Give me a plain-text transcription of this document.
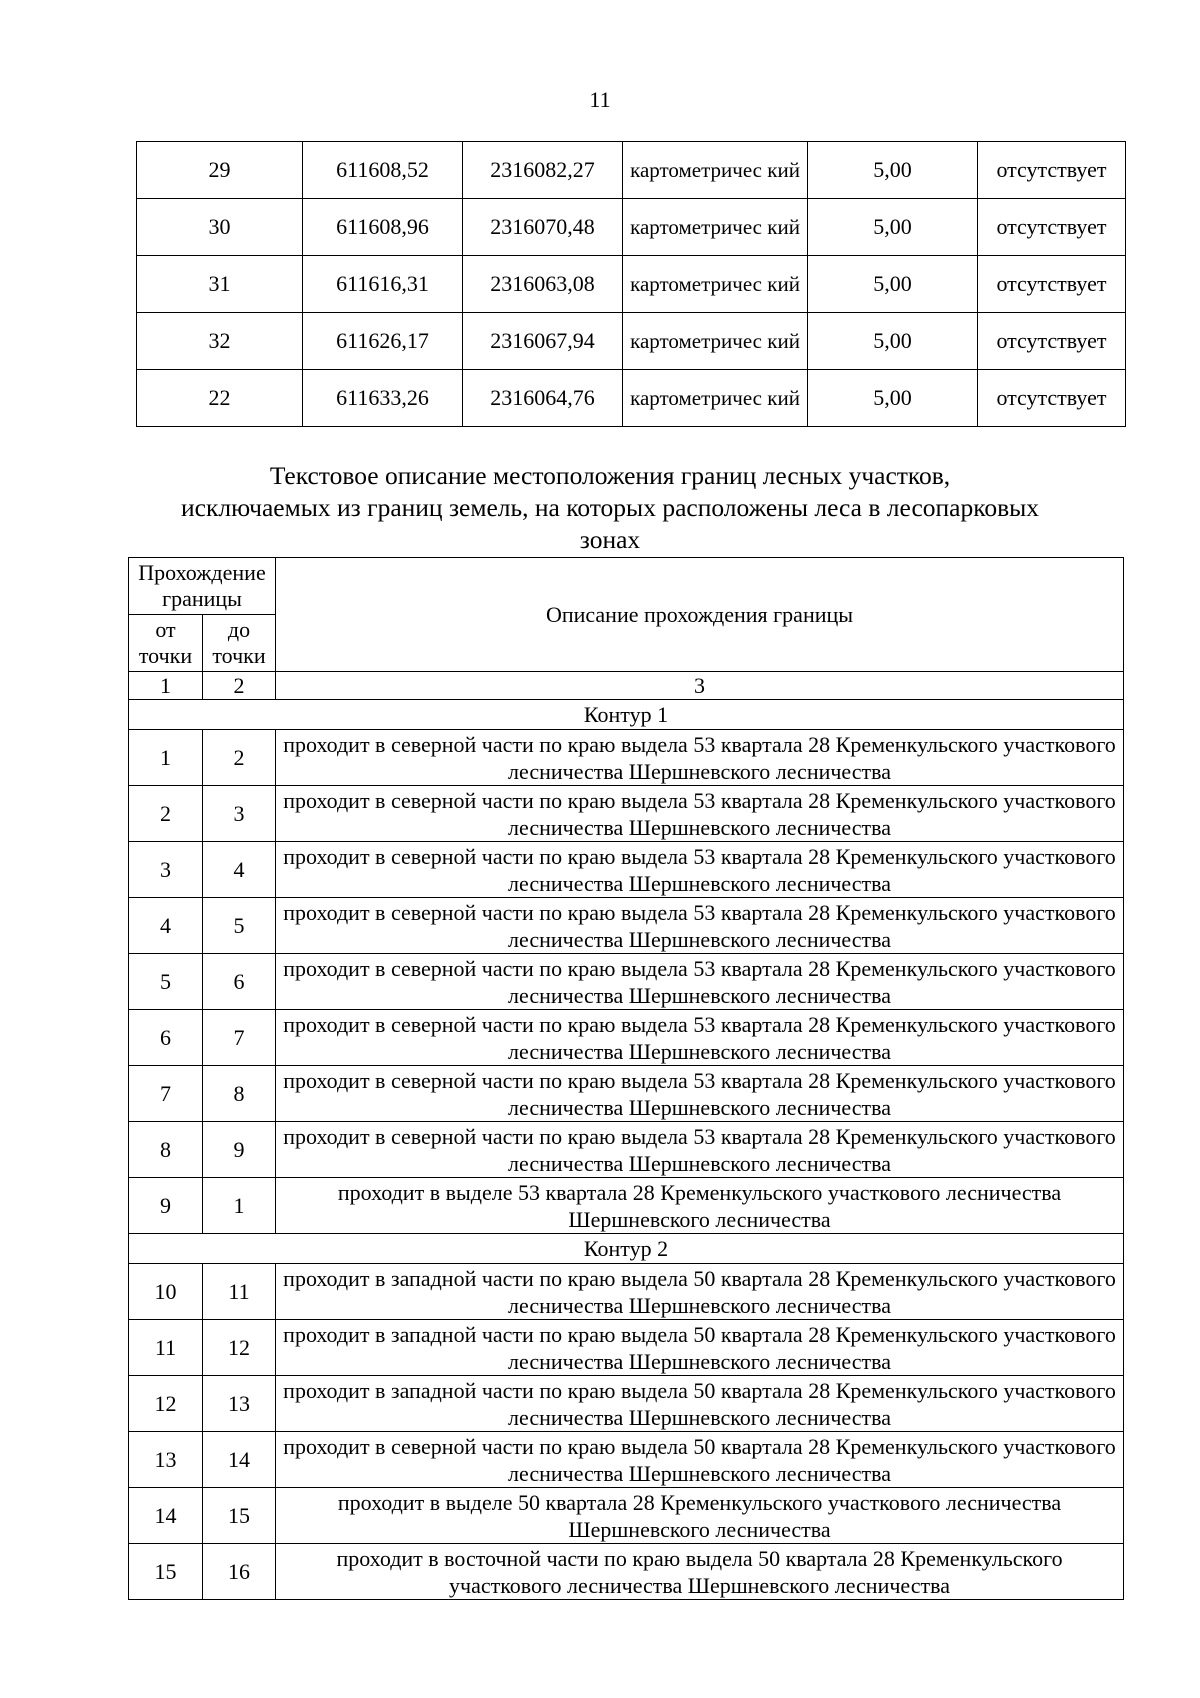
11
29	611608,52	2316082,27	картометричес кий	5,00	отсутствует
30	611608,96	2316070,48	картометричес кий	5,00	отсутствует
31	611616,31	2316063,08	картометричес кий	5,00	отсутствует
32	611626,17	2316067,94	картометричес кий	5,00	отсутствует
22	611633,26	2316064,76	картометричес кий	5,00	отсутствует
Текстовое описание местоположения границ лесных участков,
исключаемых из границ земель, на которых расположены леса в лесопарковых
зонах
Прохождение границы		Описание прохождения границы
от точки	до точки	
1	2	3
Контур 1		
1	2	проходит в северной части по краю выдела 53 квартала 28 Кременкульского участкового лесничества Шершневского лесничества
2	3	проходит в северной части по краю выдела 53 квартала 28 Кременкульского участкового лесничества Шершневского лесничества
3	4	проходит в северной части по краю выдела 53 квартала 28 Кременкульского участкового лесничества Шершневского лесничества
4	5	проходит в северной части по краю выдела 53 квартала 28 Кременкульского участкового лесничества Шершневского лесничества
5	6	проходит в северной части по краю выдела 53 квартала 28 Кременкульского участкового лесничества Шершневского лесничества
6	7	проходит в северной части по краю выдела 53 квартала 28 Кременкульского участкового лесничества Шершневского лесничества
7	8	проходит в северной части по краю выдела 53 квартала 28 Кременкульского участкового лесничества Шершневского лесничества
8	9	проходит в северной части по краю выдела 53 квартала 28 Кременкульского участкового лесничества Шершневского лесничества
9	1	проходит в выделе 53 квартала 28 Кременкульского участкового лесничества Шершневского лесничества
Контур 2		
10	11	проходит в западной части по краю выдела 50 квартала 28 Кременкульского участкового лесничества Шершневского лесничества
11	12	проходит в западной части по краю выдела 50 квартала 28 Кременкульского участкового лесничества Шершневского лесничества
12	13	проходит в западной части по краю выдела 50 квартала 28 Кременкульского участкового лесничества Шершневского лесничества
13	14	проходит в северной части по краю выдела 50 квартала 28 Кременкульского участкового лесничества Шершневского лесничества
14	15	проходит в выделе 50 квартала 28 Кременкульского участкового лесничества Шершневского лесничества
15	16	проходит в восточной части по краю выдела 50 квартала 28 Кременкульского участкового лесничества Шершневского лесничества
